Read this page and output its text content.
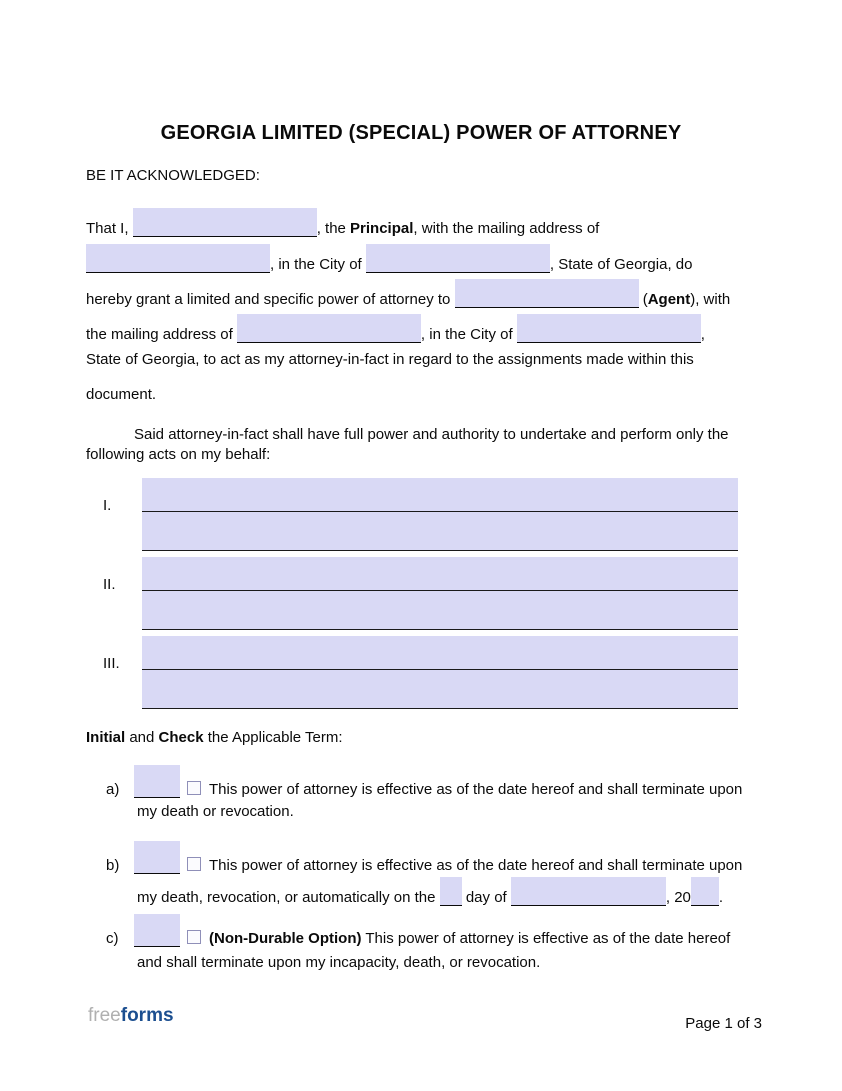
GEORGIA LIMITED (SPECIAL) POWER OF ATTORNEY
BE IT ACKNOWLEDGED:
That I,	, the Principal, with the mailing address of
, in the City of	, State of Georgia, do
hereby grant a limited and specific power of attorney to	(Agent), with
the mailing address of	, in the City of	,
State of Georgia, to act as my attorney-in-fact in regard to the assignments made within this
document.
Said attorney-in-fact shall have full power and authority to undertake and perform only the
following acts on my behalf:
I.
II.
III.
Initial and Check the Applicable Term:
a)	This power of attorney is effective as of the date hereof and shall terminate upon
my death or revocation.
b)	This power of attorney is effective as of the date hereof and shall terminate upon
my death, revocation, or automatically on the  day of	, 20 .
c)	(Non-Durable Option) This power of attorney is effective as of the date hereof
and shall terminate upon my incapacity, death, or revocation.
freeforms	Page 1 of 3
